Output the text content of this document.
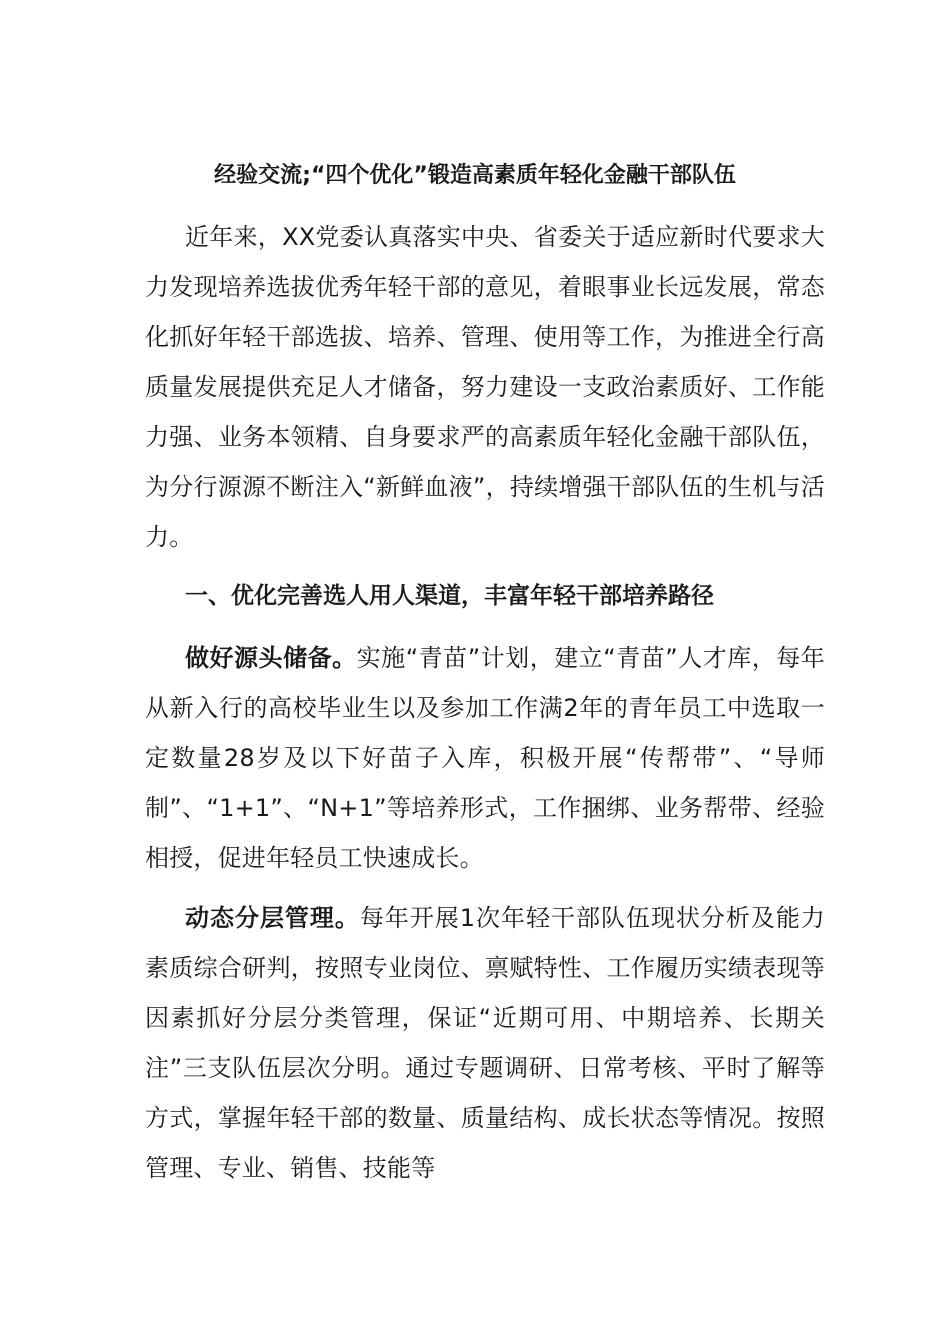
经验交流;“四个优化”锻造高素质年轻化金融干部队伍

近年来，XX党委认真落实中央、省委关于适应新时代要求大力发现培养选拔优秀年轻干部的意见，着眼事业长远发展，常态化抓好年轻干部选拔、培养、管理、使用等工作，为推进全行高质量发展提供充足人才储备，努力建设一支政治素质好、工作能力强、业务本领精、自身要求严的高素质年轻化金融干部队伍，为分行源源不断注入“新鲜血液”，持续增强干部队伍的生机与活力。

一、优化完善选人用人渠道，丰富年轻干部培养路径

做好源头储备。实施“青苗”计划，建立“青苗”人才库，每年从新入行的高校毕业生以及参加工作满2年的青年员工中选取一定数量28岁及以下好苗子入库，积极开展“传帮带”、“导师制”、“1+1”、“N+1”等培养形式，工作捆绑、业务帮带、经验相授，促进年轻员工快速成长。

动态分层管理。每年开展1次年轻干部队伍现状分析及能力素质综合研判，按照专业岗位、禀赋特性、工作履历实绩表现等因素抓好分层分类管理，保证“近期可用、中期培养、长期关注”三支队伍层次分明。通过专题调研、日常考核、平时了解等方式，掌握年轻干部的数量、质量结构、成长状态等情况。按照管理、专业、销售、技能等
